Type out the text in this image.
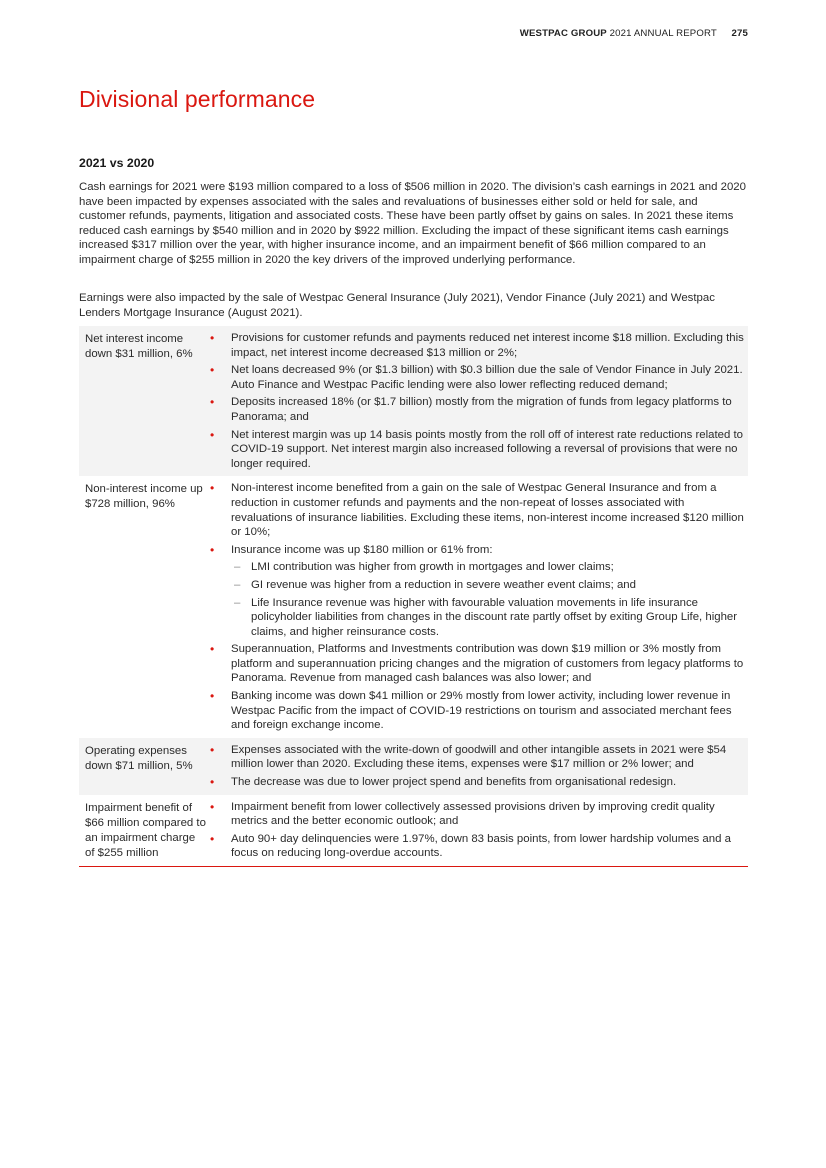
WESTPAC GROUP 2021 ANNUAL REPORT 275
Divisional performance
2021 vs 2020

Cash earnings for 2021 were $193 million compared to a loss of $506 million in 2020. The division’s cash earnings in 2021 and 2020 have been impacted by expenses associated with the sales and revaluations of businesses either sold or held for sale, and customer refunds, payments, litigation and associated costs. These have been partly offset by gains on sales. In 2021 these items reduced cash earnings by $540 million and in 2020 by $922 million. Excluding the impact of these significant items cash earnings increased $317 million over the year, with higher insurance income, and an impairment benefit of $66 million compared to an impairment charge of $255 million in 2020 the key drivers of the improved underlying performance.

Earnings were also impacted by the sale of Westpac General Insurance (July 2021), Vendor Finance (July 2021) and Westpac Lenders Mortgage Insurance (August 2021).

Net interest income down $31 million, 6%
• Provisions for customer refunds and payments reduced net interest income $18 million. Excluding this impact, net interest income decreased $13 million or 2%;
• Net loans decreased 9% (or $1.3 billion) with $0.3 billion due the sale of Vendor Finance in July 2021. Auto Finance and Westpac Pacific lending were also lower reflecting reduced demand;
• Deposits increased 18% (or $1.7 billion) mostly from the migration of funds from legacy platforms to Panorama; and
• Net interest margin was up 14 basis points mostly from the roll off of interest rate reductions related to COVID-19 support. Net interest margin also increased following a reversal of provisions that were no longer required.
Non-interest income up $728 million, 96%
• Non-interest income benefited from a gain on the sale of Westpac General Insurance and from a reduction in customer refunds and payments and the non-repeat of losses associated with revaluations of insurance liabilities. Excluding these items, non-interest income increased $120 million or 10%;
• Insurance income was up $180 million or 61% from:
– LMI contribution was higher from growth in mortgages and lower claims;
– GI revenue was higher from a reduction in severe weather event claims; and
– Life Insurance revenue was higher with favourable valuation movements in life insurance policyholder liabilities from changes in the discount rate partly offset by exiting Group Life, higher claims, and higher reinsurance costs.
• Superannuation, Platforms and Investments contribution was down $19 million or 3% mostly from platform and superannuation pricing changes and the migration of customers from legacy platforms to Panorama. Revenue from managed cash balances was also lower; and
• Banking income was down $41 million or 29% mostly from lower activity, including lower revenue in Westpac Pacific from the impact of COVID-19 restrictions on tourism and associated merchant fees and foreign exchange income.
Operating expenses down $71 million, 5%
• Expenses associated with the write-down of goodwill and other intangible assets in 2021 were $54 million lower than 2020. Excluding these items, expenses were $17 million or 2% lower; and
• The decrease was due to lower project spend and benefits from organisational redesign.
Impairment benefit of $66 million compared to an impairment charge of $255 million
• Impairment benefit from lower collectively assessed provisions driven by improving credit quality metrics and the better economic outlook; and
• Auto 90+ day delinquencies were 1.97%, down 83 basis points, from lower hardship volumes and a focus on reducing long-overdue accounts.
